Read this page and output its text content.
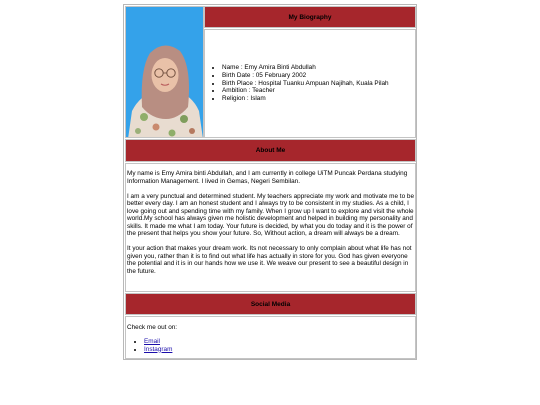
My Biography
• Name : Emy Amira Binti Abdullah
• Birth Date : 05 February 2002
• Birth Place : Hospital Tuanku Ampuan Najihah, Kuala Pilah
• Ambition : Teacher
• Religion : Islam
About Me

My name is Emy Amira binti Abdullah, and I am currently in college UiTM Puncak Perdana studying Information Management. I lived in Gemas, Negeri Sembilan.

I am a very punctual and determined student. My teachers appreciate my work and motivate me to be better every day. I am an honest student and I always try to be consistent in my studies. As a child, I love going out and spending time with my family. When I grow up I want to explore and visit the whole world.My school has always given me holistic development and helped in building my personality and skills. It made me what I am today. Your future is decided, by what you do today and it is the power of the present that helps you show your future. So, Without action, a dream will always be a dream.

It your action that makes your dream work. Its not necessary to only complain about what life has not given you, rather than it is to find out what life has actually in store for you. God has given everyone the potential and it is in our hands how we use it. We weave our present to see a beautiful design in the future.

Social Media

Check me out on:

• Email
• Instagram
